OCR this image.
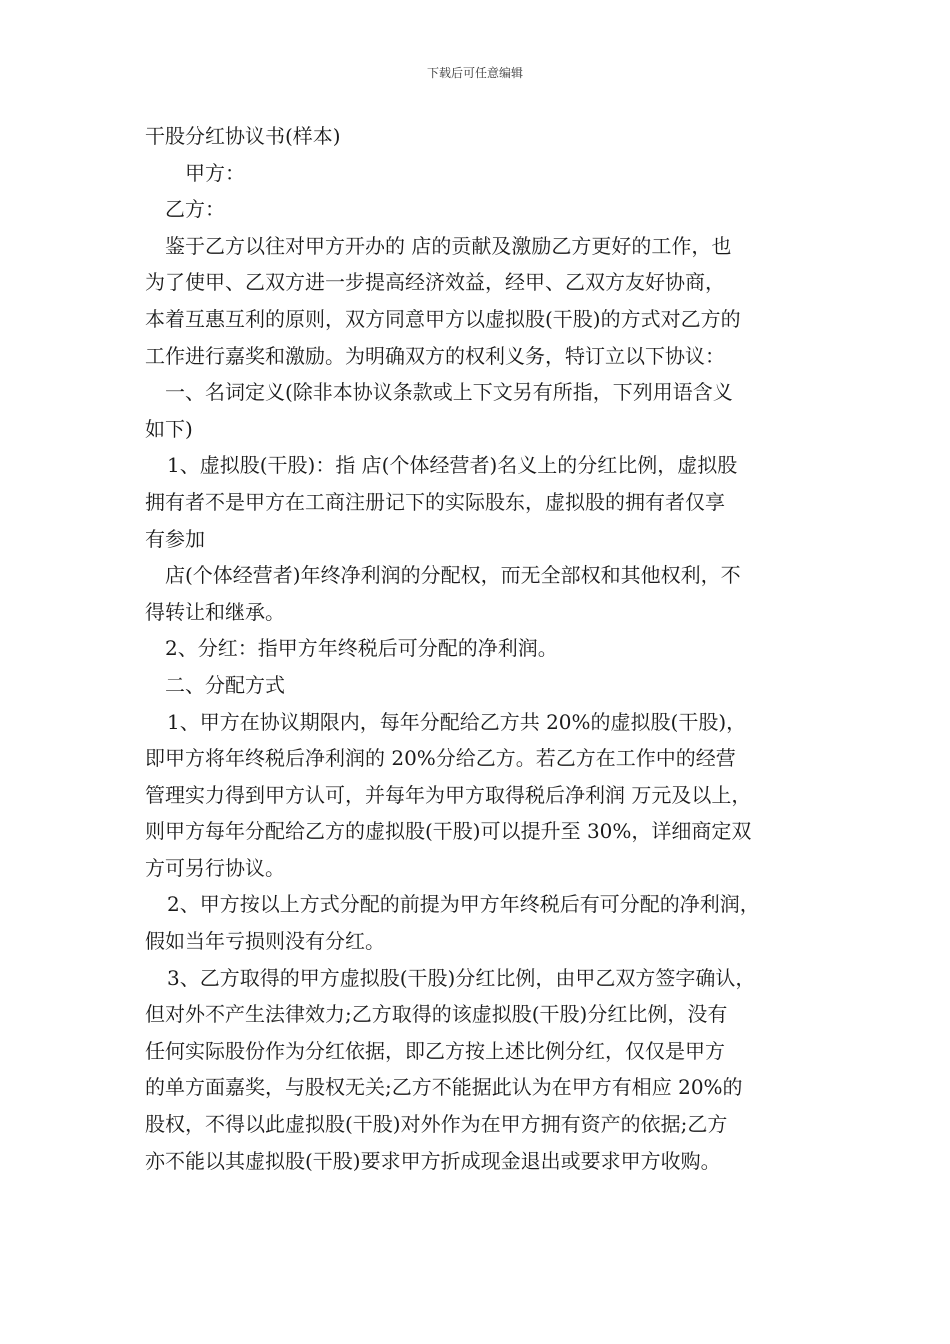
下载后可任意编辑

干股分红协议书(样本)

甲方：

乙方：

鉴于乙方以往对甲方开办的 店的贡献及激励乙方更好的工作，也

为了使甲、乙双方进一步提高经济效益，经甲、乙双方友好协商，

本着互惠互利的原则，双方同意甲方以虚拟股(干股)的方式对乙方的

工作进行嘉奖和激励。为明确双方的权利义务，特订立以下协议：

一、名词定义(除非本协议条款或上下文另有所指，下列用语含义

如下)

1、虚拟股(干股)：指 店(个体经营者)名义上的分红比例，虚拟股

拥有者不是甲方在工商注册记下的实际股东，虚拟股的拥有者仅享

有参加

店(个体经营者)年终净利润的分配权，而无全部权和其他权利，不

得转让和继承。

2、分红：指甲方年终税后可分配的净利润。

二、分配方式

1、甲方在协议期限内，每年分配给乙方共 20%的虚拟股(干股)，

即甲方将年终税后净利润的 20%分给乙方。若乙方在工作中的经营

管理实力得到甲方认可，并每年为甲方取得税后净利润 万元及以上，

则甲方每年分配给乙方的虚拟股(干股)可以提升至 30%，详细商定双

方可另行协议。

2、甲方按以上方式分配的前提为甲方年终税后有可分配的净利润，

假如当年亏损则没有分红。

3、乙方取得的甲方虚拟股(干股)分红比例，由甲乙双方签字确认，

但对外不产生法律效力;乙方取得的该虚拟股(干股)分红比例，没有

任何实际股份作为分红依据，即乙方按上述比例分红，仅仅是甲方

的单方面嘉奖，与股权无关;乙方不能据此认为在甲方有相应 20%的

股权，不得以此虚拟股(干股)对外作为在甲方拥有资产的依据;乙方

亦不能以其虚拟股(干股)要求甲方折成现金退出或要求甲方收购。
